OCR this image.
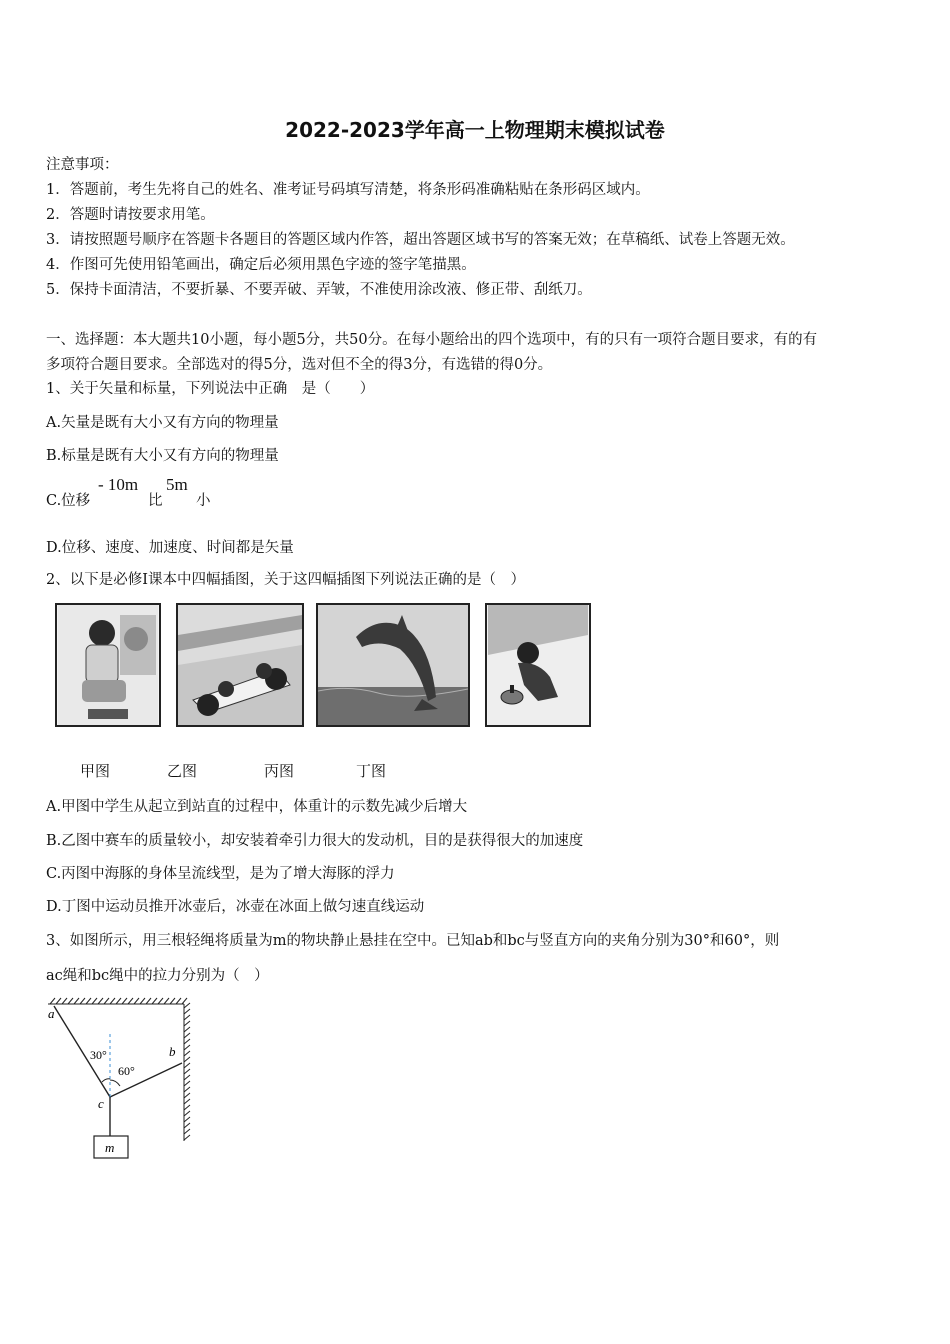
2022-2023学年高一上物理期末模拟试卷
注意事项：
1．答题前，考生先将自己的姓名、准考证号码填写清楚，将条形码准确粘贴在条形码区域内。
2．答题时请按要求用笔。
3．请按照题号顺序在答题卡各题目的答题区域内作答，超出答题区域书写的答案无效；在草稿纸、试卷上答题无效。
4．作图可先使用铅笔画出，确定后必须用黑色字迹的签字笔描黑。
5．保持卡面清洁，不要折暴、不要弄破、弄皱，不准使用涂改液、修正带、刮纸刀。
一、选择题：本大题共10小题，每小题5分，共50分。在每小题给出的四个选项中，有的只有一项符合题目要求，有的有
多项符合题目要求。全部选对的得5分，选对但不全的得3分，有选错的得0分。
1、关于矢量和标量，下列说法中正确　是（　　）
A.矢量是既有大小又有方向的物理量
B.标量是既有大小又有方向的物理量
C.位移
- 10m
比
5m
小
D.位移、速度、加速度、时间都是矢量
2、以下是必修Ⅰ课本中四幅插图，关于这四幅插图下列说法正确的是（　）
甲图	乙图	丙图	丁图
A.甲图中学生从起立到站直的过程中，体重计的示数先减少后增大
B.乙图中赛车的质量较小，却安装着牵引力很大的发动机，目的是获得很大的加速度
C.丙图中海豚的身体呈流线型，是为了增大海豚的浮力
D.丁图中运动员推开冰壶后，冰壶在冰面上做匀速直线运动
3、如图所示，用三根轻绳将质量为m的物块静止悬挂在空中。已知ab和bc与竖直方向的夹角分别为30°和60°，则
ac绳和bc绳中的拉力分别为（　）
a
b
c
m
30°
60°
